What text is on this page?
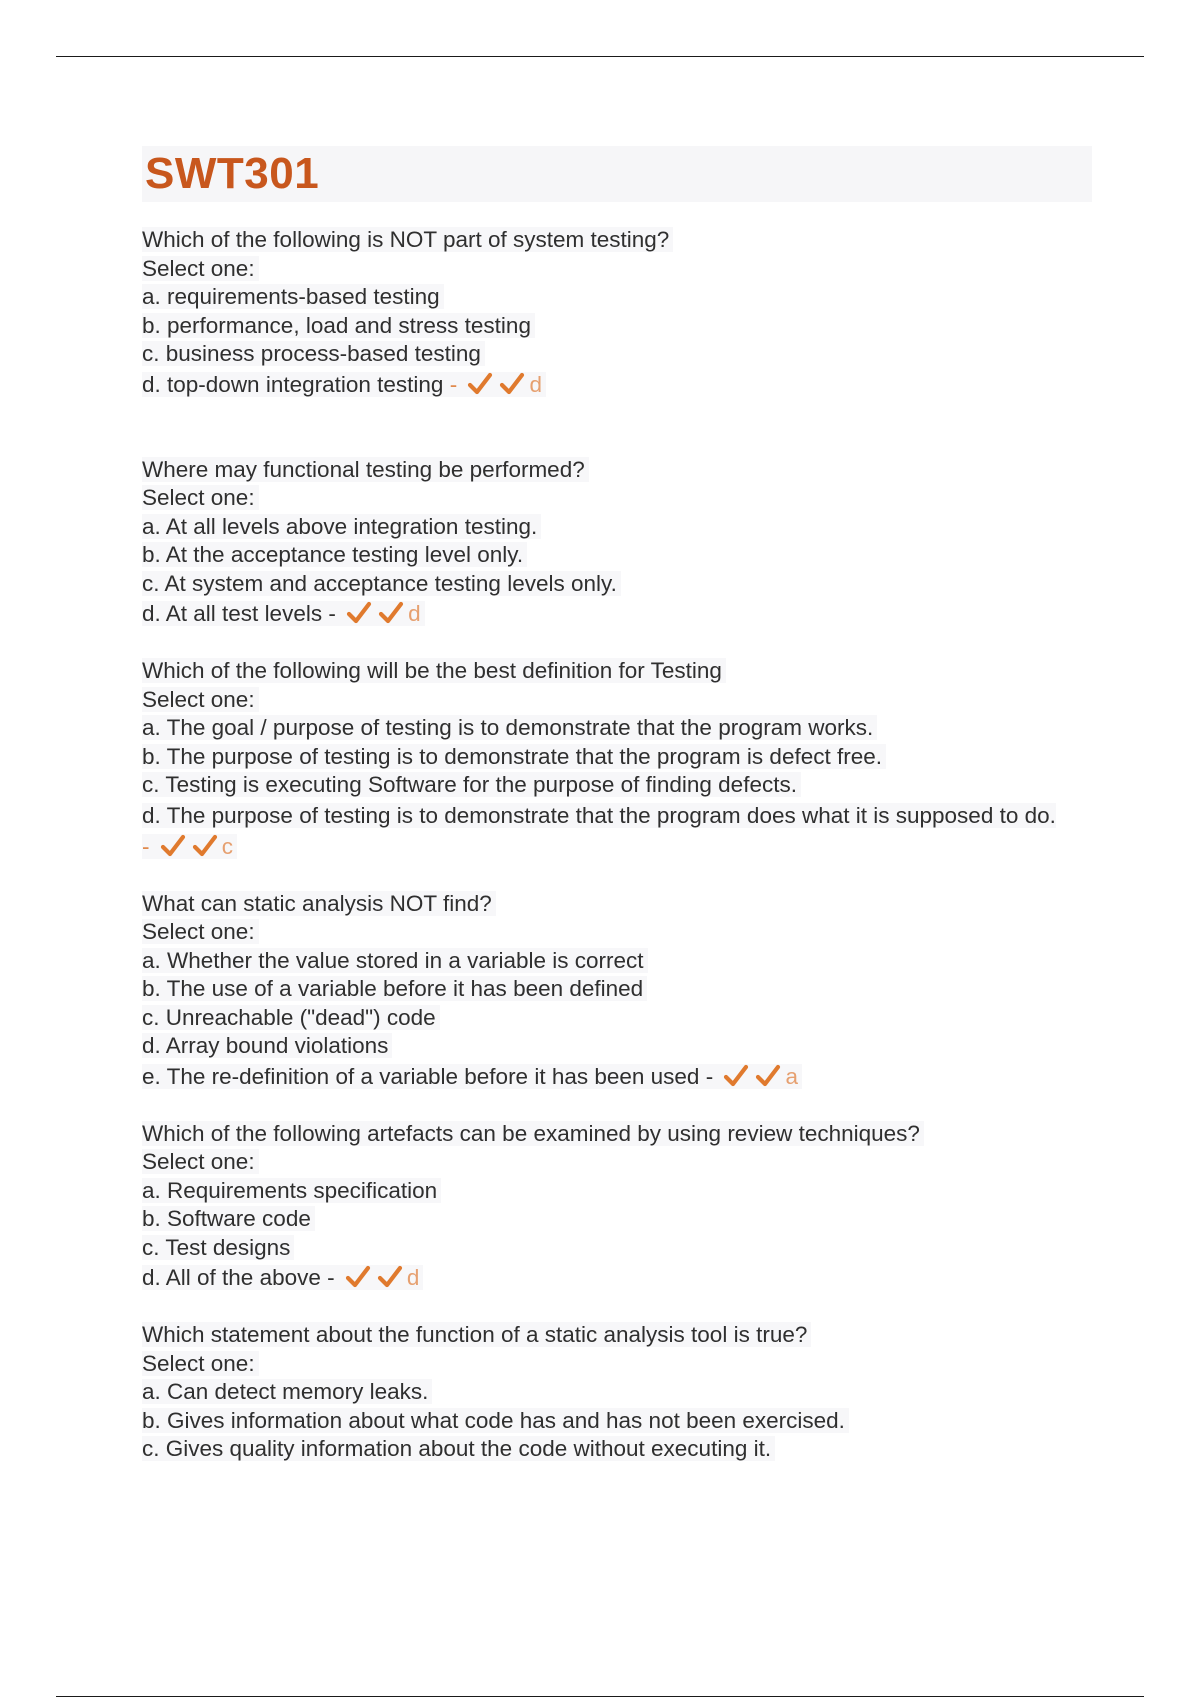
SWT301
Which of the following is NOT part of system testing?
Select one:
a. requirements-based testing
b. performance, load and stress testing
c. business process-based testing
d. top-down integration testing -	d
Where may functional testing be performed?
Select one:
a. At all levels above integration testing.
b. At the acceptance testing level only.
c. At system and acceptance testing levels only.
d. At all test levels -	d
Which of the following will be the best definition for Testing
Select one:
a. The goal / purpose of testing is to demonstrate that the program works.
b. The purpose of testing is to demonstrate that the program is defect free.
c. Testing is executing Software for the purpose of finding defects.
d. The purpose of testing is to demonstrate that the program does what it is supposed to do. -	c
What can static analysis NOT find?
Select one:
a. Whether the value stored in a variable is correct
b. The use of a variable before it has been defined
c. Unreachable ("dead") code
d. Array bound violations
e. The re-definition of a variable before it has been used -	a
Which of the following artefacts can be examined by using review techniques?
Select one:
a. Requirements specification
b. Software code
c. Test designs
d. All of the above -	d
Which statement about the function of a static analysis tool is true?
Select one:
a. Can detect memory leaks.
b. Gives information about what code has and has not been exercised.
c. Gives quality information about the code without executing it.
